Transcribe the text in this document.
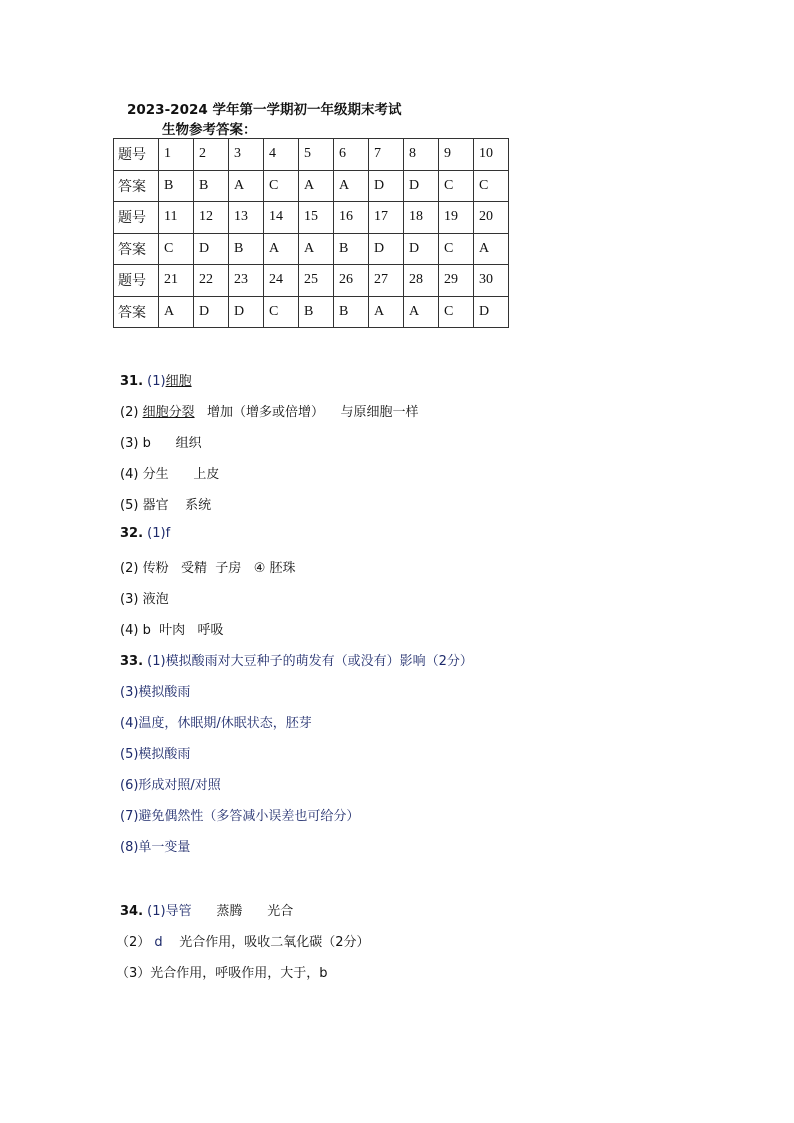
2023-2024 学年第一学期初一年级期末考试
生物参考答案：
题号	1	2	3	4	5	6	7	8	9	10
答案	B	B	A	C	A	A	D	D	C	C
题号	11	12	13	14	15	16	17	18	19	20
答案	C	D	B	A	A	B	D	D	C	A
题号	21	22	23	24	25	26	27	28	29	30
答案	A	D	D	C	B	B	A	A	C	D
31. (1)细胞
(2) 细胞分裂 增加（增多或倍增） 与原细胞一样
(3) b 组织
(4) 分生 上皮
(5) 器官 系统
32. (1)f
(2) 传粉 受精 子房 ④ 胚珠
(3) 液泡
(4) b 叶肉 呼吸
33. (1)模拟酸雨对大豆种子的萌发有（或没有）影响（2分）
(3)模拟酸雨
(4)温度，休眠期/休眠状态，胚芽
(5)模拟酸雨
(6)形成对照/对照
(7)避免偶然性（多答减小误差也可给分）
(8)单一变量
34. (1)导管 蒸腾 光合
（2） d 光合作用，吸收二氧化碳（2分）
（3）光合作用，呼吸作用，大于，b
